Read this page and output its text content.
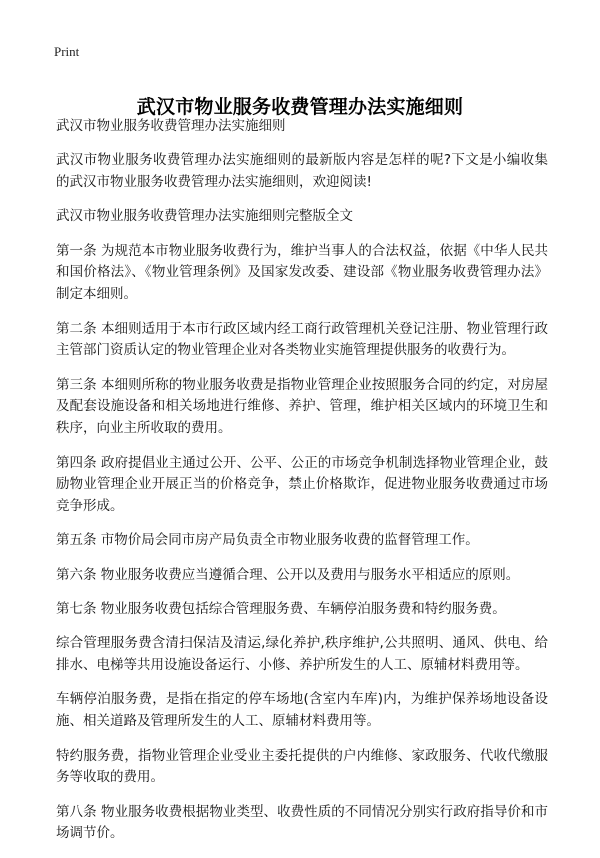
Print
武汉市物业服务收费管理办法实施细则

武汉市物业服务收费管理办法实施细则

武汉市物业服务收费管理办法实施细则的最新版内容是怎样的呢?下文是小编收集的武汉市物业服务收费管理办法实施细则，欢迎阅读!

武汉市物业服务收费管理办法实施细则完整版全文

第一条 为规范本市物业服务收费行为，维护当事人的合法权益，依据《中华人民共和国价格法》、《物业管理条例》及国家发改委、建设部《物业服务收费管理办法》制定本细则。

第二条 本细则适用于本市行政区域内经工商行政管理机关登记注册、物业管理行政主管部门资质认定的物业管理企业对各类物业实施管理提供服务的收费行为。

第三条 本细则所称的物业服务收费是指物业管理企业按照服务合同的约定，对房屋及配套设施设备和相关场地进行维修、养护、管理，维护相关区域内的环境卫生和秩序，向业主所收取的费用。

第四条 政府提倡业主通过公开、公平、公正的市场竞争机制选择物业管理企业，鼓励物业管理企业开展正当的价格竞争，禁止价格欺诈，促进物业服务收费通过市场竞争形成。

第五条 市物价局会同市房产局负责全市物业服务收费的监督管理工作。

第六条 物业服务收费应当遵循合理、公开以及费用与服务水平相适应的原则。

第七条 物业服务收费包括综合管理服务费、车辆停泊服务费和特约服务费。

综合管理服务费含清扫保洁及清运,绿化养护,秩序维护,公共照明、通风、供电、给排水、电梯等共用设施设备运行、小修、养护所发生的人工、原辅材料费用等。

车辆停泊服务费，是指在指定的停车场地(含室内车库)内，为维护保养场地设备设施、相关道路及管理所发生的人工、原辅材料费用等。

特约服务费，指物业管理企业受业主委托提供的户内维修、家政服务、代收代缴服务等收取的费用。

第八条 物业服务收费根据物业类型、收费性质的不同情况分别实行政府指导价和市场调节价。
